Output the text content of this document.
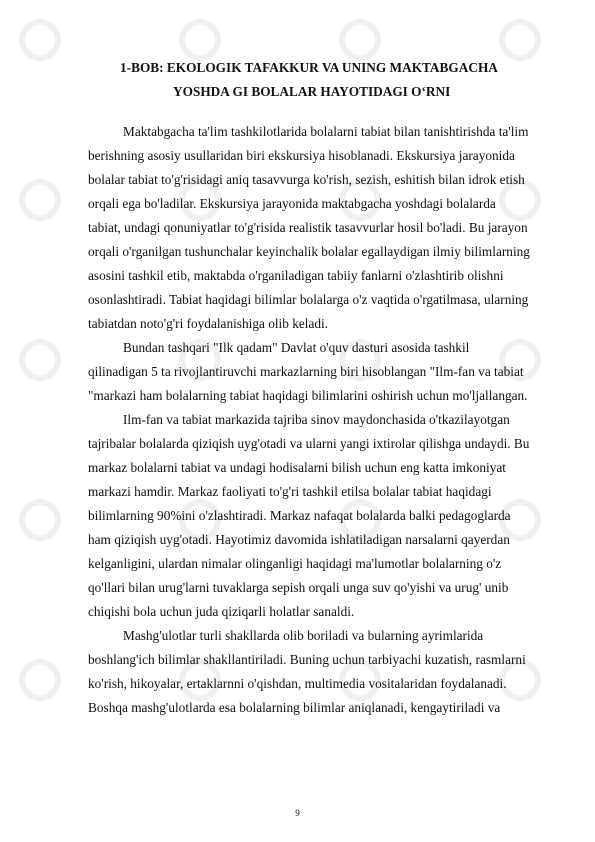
1-BOB: EKOLOGIK TAFAKKUR VA UNING MAKTABGACHA
YOSHDA GI BOLALAR HAYOTIDAGI O‘RNI
Maktabgacha ta'lim tashkilotlarida bolalarni tabiat bilan tanishtirishda ta'lim
berishning asosiy usullaridan biri ekskursiya hisoblanadi. Ekskursiya jarayonida
bolalar tabiat to'g'risidagi aniq tasavvurga ko'rish, sezish, eshitish bilan idrok etish
orqali ega bo'ladilar. Ekskursiya jarayonida maktabgacha yoshdagi bolalarda
tabiat, undagi qonuniyatlar to'g'risida realistik tasavvurlar hosil bo'ladi. Bu jarayon
orqali o'rganilgan tushunchalar keyinchalik bolalar egallaydigan ilmiy bilimlarning
asosini tashkil etib, maktabda o'rganiladigan tabiiy fanlarni o'zlashtirib olishni
osonlashtiradi. Tabiat haqidagi bilimlar bolalarga o'z vaqtida o'rgatilmasa, ularning
tabiatdan noto'g'ri foydalanishiga olib keladi.
Bundan tashqari "Ilk qadam" Davlat o'quv dasturi asosida tashkil
qilinadigan 5 ta rivojlantiruvchi markazlarning biri hisoblangan "Ilm-fan va tabiat
"markazi ham bolalarning tabiat haqidagi bilimlarini oshirish uchun mo'ljallangan.
Ilm-fan va tabiat markazida tajriba sinov maydonchasida o'tkazilayotgan
tajribalar bolalarda qiziqish uyg'otadi va ularni yangi ixtirolar qilishga undaydi. Bu
markaz bolalarni tabiat va undagi hodisalarni bilish uchun eng katta imkoniyat
markazi hamdir. Markaz faoliyati to'g'ri tashkil etilsa bolalar tabiat haqidagi
bilimlarning 90%ini o'zlashtiradi. Markaz nafaqat bolalarda balki pedagoglarda
ham qiziqish uyg'otadi. Hayotimiz davomida ishlatiladigan narsalarni qayerdan
kelganligini, ulardan nimalar olinganligi haqidagi ma'lumotlar bolalarning o'z
qo'llari bilan urug'larni tuvaklarga sepish orqali unga suv qo'yishi va urug' unib
chiqishi bola uchun juda qiziqarli holatlar sanaldi.
Mashg'ulotlar turli shakllarda olib boriladi va bularning ayrimlarida
boshlang'ich bilimlar shakllantiriladi. Buning uchun tarbiyachi kuzatish, rasmlarni
ko'rish, hikoyalar, ertaklarnni o'qishdan, multimedia vositalaridan foydalanadi.
Boshqa mashg'ulotlarda esa bolalarning bilimlar aniqlanadi, kengaytiriladi va
9
